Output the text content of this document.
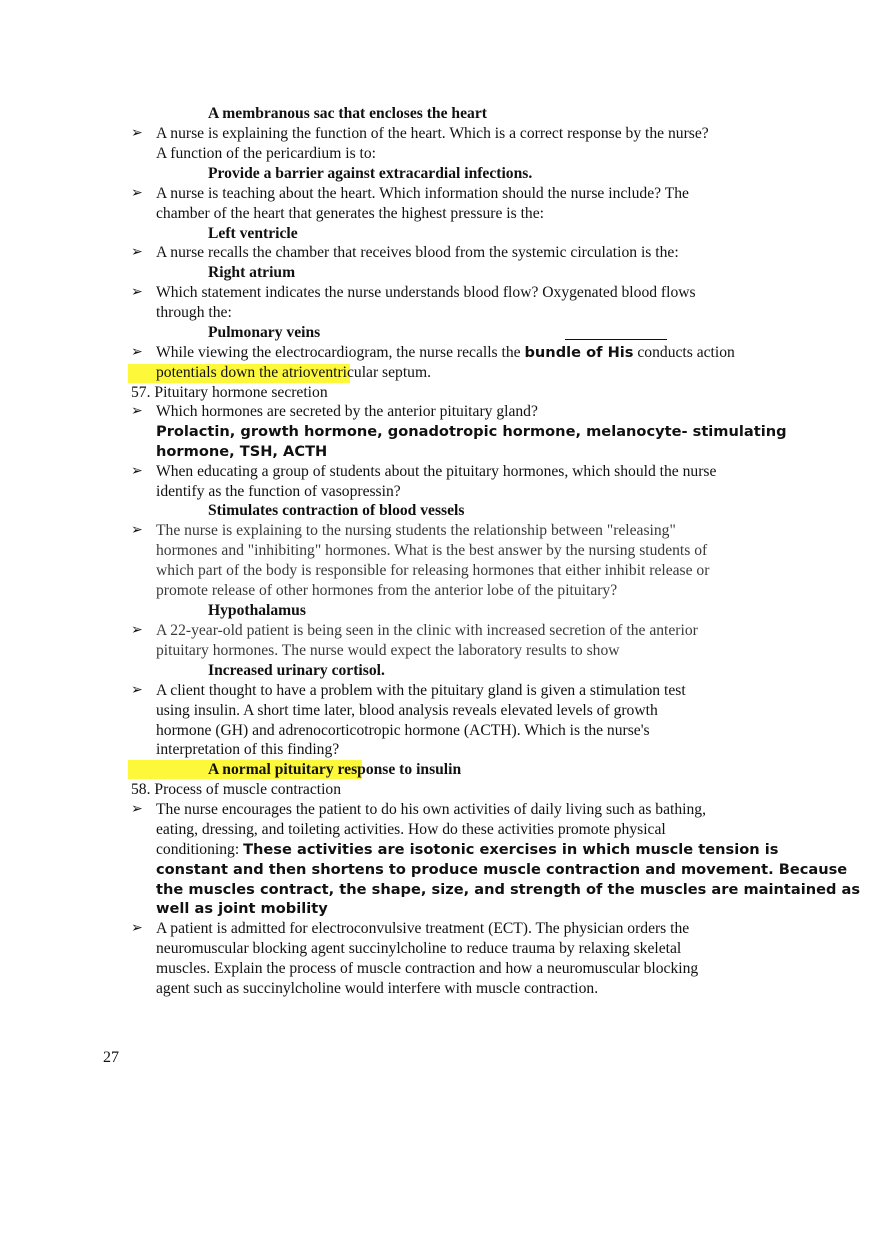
A membranous sac that encloses the heart
➢ A nurse is explaining the function of the heart. Which is a correct response by the nurse?
A function of the pericardium is to:
Provide a barrier against extracardial infections.
➢ A nurse is teaching about the heart. Which information should the nurse include? The
chamber of the heart that generates the highest pressure is the:
Left ventricle
➢ A nurse recalls the chamber that receives blood from the systemic circulation is the:
Right atrium
➢ Which statement indicates the nurse understands blood flow? Oxygenated blood flows
through the:
Pulmonary veins
➢ While viewing the electrocardiogram, the nurse recalls the bundle of His conducts action
potentials down the atrioventricular septum.
57. Pituitary hormone secretion
➢ Which hormones are secreted by the anterior pituitary gland?
Prolactin, growth hormone, gonadotropic hormone, melanocyte- stimulating
hormone, TSH, ACTH
➢ When educating a group of students about the pituitary hormones, which should the nurse
identify as the function of vasopressin?
Stimulates contraction of blood vessels
➢ The nurse is explaining to the nursing students the relationship between "releasing"
hormones and "inhibiting" hormones. What is the best answer by the nursing students of
which part of the body is responsible for releasing hormones that either inhibit release or
promote release of other hormones from the anterior lobe of the pituitary?
Hypothalamus
➢ A 22-year-old patient is being seen in the clinic with increased secretion of the anterior
pituitary hormones. The nurse would expect the laboratory results to show
Increased urinary cortisol.
➢ A client thought to have a problem with the pituitary gland is given a stimulation test
using insulin. A short time later, blood analysis reveals elevated levels of growth
hormone (GH) and adrenocorticotropic hormone (ACTH). Which is the nurse's
interpretation of this finding?
A normal pituitary response to insulin
58. Process of muscle contraction
➢ The nurse encourages the patient to do his own activities of daily living such as bathing,
eating, dressing, and toileting activities. How do these activities promote physical
conditioning: These activities are isotonic exercises in which muscle tension is
constant and then shortens to produce muscle contraction and movement. Because
the muscles contract, the shape, size, and strength of the muscles are maintained as
well as joint mobility
➢ A patient is admitted for electroconvulsive treatment (ECT). The physician orders the
neuromuscular blocking agent succinylcholine to reduce trauma by relaxing skeletal
muscles. Explain the process of muscle contraction and how a neuromuscular blocking
agent such as succinylcholine would interfere with muscle contraction.
27
